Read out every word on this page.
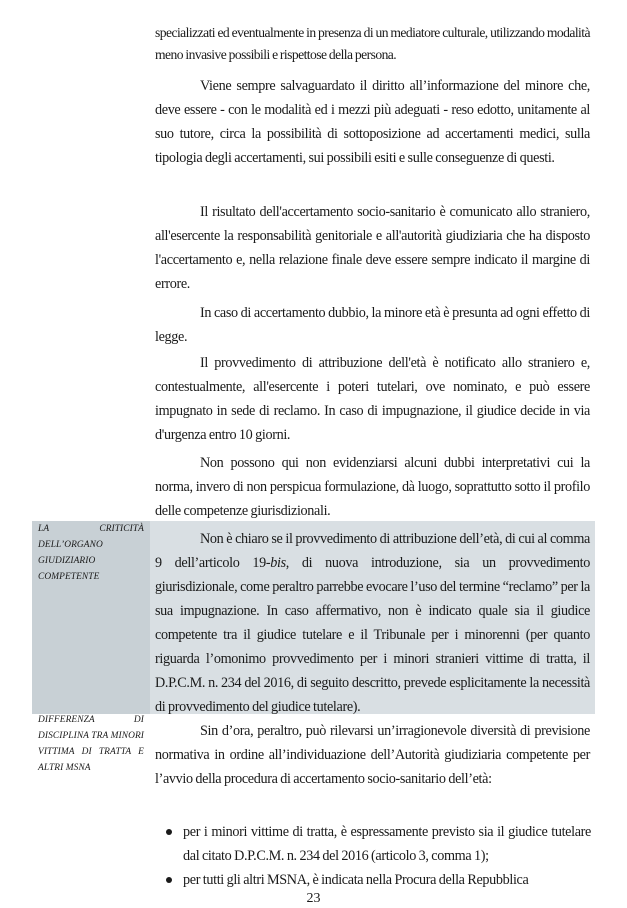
specializzati ed eventualmente in presenza di un mediatore culturale, utilizzando modalità meno invasive possibili e rispettose della persona.

Viene sempre salvaguardato il diritto all’informazione del minore che, deve essere - con le modalità ed i mezzi più adeguati - reso edotto, unitamente al suo tutore, circa la possibilità di sottoposizione ad accertamenti medici, sulla tipologia degli accertamenti, sui possibili esiti e sulle conseguenze di questi.

Il risultato dell'accertamento socio-sanitario è comunicato allo straniero, all'esercente la responsabilità genitoriale e all'autorità giudiziaria che ha disposto l'accertamento e, nella relazione finale deve essere sempre indicato il margine di errore.

In caso di accertamento dubbio, la minore età è presunta ad ogni effetto di legge.

Il provvedimento di attribuzione dell'età è notificato allo straniero e, contestualmente, all'esercente i poteri tutelari, ove nominato, e può essere impugnato in sede di reclamo. In caso di impugnazione, il giudice decide in via d'urgenza entro 10 giorni.

Non possono qui non evidenziarsi alcuni dubbi interpretativi cui la norma, invero di non perspicua formulazione, dà luogo, soprattutto sotto il profilo delle competenze giurisdizionali.

LA CRITICITÀ DELL’ORGANO GIUDIZIARIO COMPETENTE

Non è chiaro se il provvedimento di attribuzione dell’età, di cui al comma 9 dell’articolo 19-bis, di nuova introduzione, sia un provvedimento giurisdizionale, come peraltro parrebbe evocare l’uso del termine “reclamo” per la sua impugnazione. In caso affermativo, non è indicato quale sia il giudice competente tra il giudice tutelare e il Tribunale per i minorenni (per quanto riguarda l’omonimo provvedimento per i minori stranieri vittime di tratta, il D.P.C.M. n. 234 del 2016, di seguito descritto, prevede esplicitamente la necessità di provvedimento del giudice tutelare).

DIFFERENZA DI DISCIPLINA TRA MINORI VITTIMA DI TRATTA E ALTRI MSNA

Sin d’ora, peraltro, può rilevarsi un’irragionevole diversità di previsione normativa in ordine all’individuazione dell’Autorità giudiziaria competente per l’avvio della procedura di accertamento socio-sanitario dell’età:

per i minori vittime di tratta, è espressamente previsto sia il giudice tutelare dal citato D.P.C.M. n. 234 del 2016 (articolo 3, comma 1);
per tutti gli altri MSNA, è indicata nella Procura della Repubblica
23
